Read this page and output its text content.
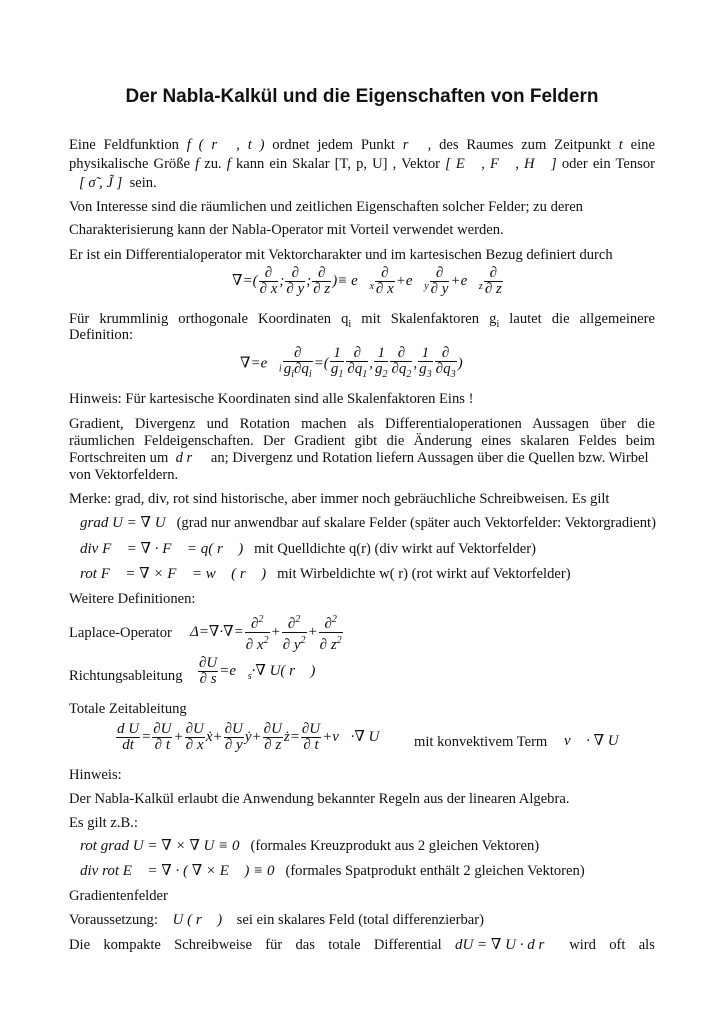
Der Nabla-Kalkül und die Eigenschaften von Feldern
Eine Feldfunktion f ( r⃗ , t ) ordnet jedem Punkt r⃗ , des Raumes zum Zeitpunkt t eine
physikalische Größe f zu. f kann ein Skalar [T, p, U] , Vektor [ E⃗ , F⃗ , H⃗ ] oder ein Tensor
[ σ̃ , J̃ ] sein.
Von Interesse sind die räumlichen und zeitlichen Eigenschaften solcher Felder; zu deren
Charakterisierung kann der Nabla-Operator mit Vorteil verwendet werden.
Er ist ein Differentialoperator mit Vektorcharakter und im kartesischen Bezug definiert durch
∇=( ∂
∂ x
; ∂
∂ y
; ∂
∂ z
)≡ $e⃗_x$
∂
∂ x
$+e⃗_y$
∂
∂ y
$+e⃗_z$
∂
∂ z
Für krummlinig orthogonale Koordinaten $q_i$ mit Skalenfaktoren $g_i$ lautet die allgemeinere
Definition:
$\nabla=e⃗_i$
∂
$g_i\partial q_i$
=( $\frac{1}{g_1}$ ∂
$\partial q_1$
, $\frac{1}{g_2}$ ∂
$\partial q_2$
, $\frac{1}{g_3}$ ∂
$\partial q_3$
)
Hinweis: Für kartesische Koordinaten sind alle Skalenfaktoren Eins !
Gradient, Divergenz und Rotation machen als Differentialoperationen Aussagen über die
räumlichen Feldeigenschaften. Der Gradient gibt die Änderung eines skalaren Feldes beim
Fortschreiten um d r⃗ an; Divergenz und Rotation liefern Aussagen über die Quellen bzw. Wirbel
von Vektorfeldern.
Merke: grad, div, rot sind historische, aber immer noch gebräuchliche Schreibweisen. Es gilt
grad U = ∇ U (grad nur anwendbar auf skalare Felder (später auch Vektorfelder: Vektorgradient)
div F⃗ = ∇ · F⃗ = q( r⃗ ) mit Quelldichte q(r) (div wirkt auf Vektorfelder)
rot F⃗ = ∇ × F⃗ = w⃗ ( r⃗ ) mit Wirbeldichte w( r) (rot wirkt auf Vektorfelder)
Weitere Definitionen:
Laplace-Operator $\Delta=\nabla\cdot\nabla= \frac{\partial^2}{\partial x^2} + \frac{\partial^2}{\partial y^2} + \frac{\partial^2}{\partial z^2}$
Richtungsableitung $\frac{\partial U}{\partial s}$ $=e⃗_s\cdot\nabla$ U( r⃗ )
Totale Zeitableitung
$\frac{\text{d U}}{dt} = \frac{\partial U}{\partial t} + \frac{\partial U}{\partial x}$ ẋ+ $\frac{\partial U}{\partial y}$ ẏ+ $\frac{\partial U}{\partial z}$ ż= $\frac{\partial U}{\partial t}$ +v⃗·∇ U mit konvektivem Term v⃗ · ∇ U
Hinweis:
Der Nabla-Kalkül erlaubt die Anwendung bekannter Regeln aus der linearen Algebra.
Es gilt z.B.:
rot grad U = ∇ × ∇ U ≡ 0 (formales Kreuzprodukt aus 2 gleichen Vektoren)
div rot E⃗ = ∇ · ( ∇ × E⃗ ) ≡ 0 (formales Spatprodukt enthält 2 gleichen Vektoren)
Gradientenfelder
Voraussetzung: U ( r⃗ ) sei ein skalares Feld (total differenzierbar)
Die kompakte Schreibweise für das totale Differential dU = ∇ U · d r⃗ wird oft als
